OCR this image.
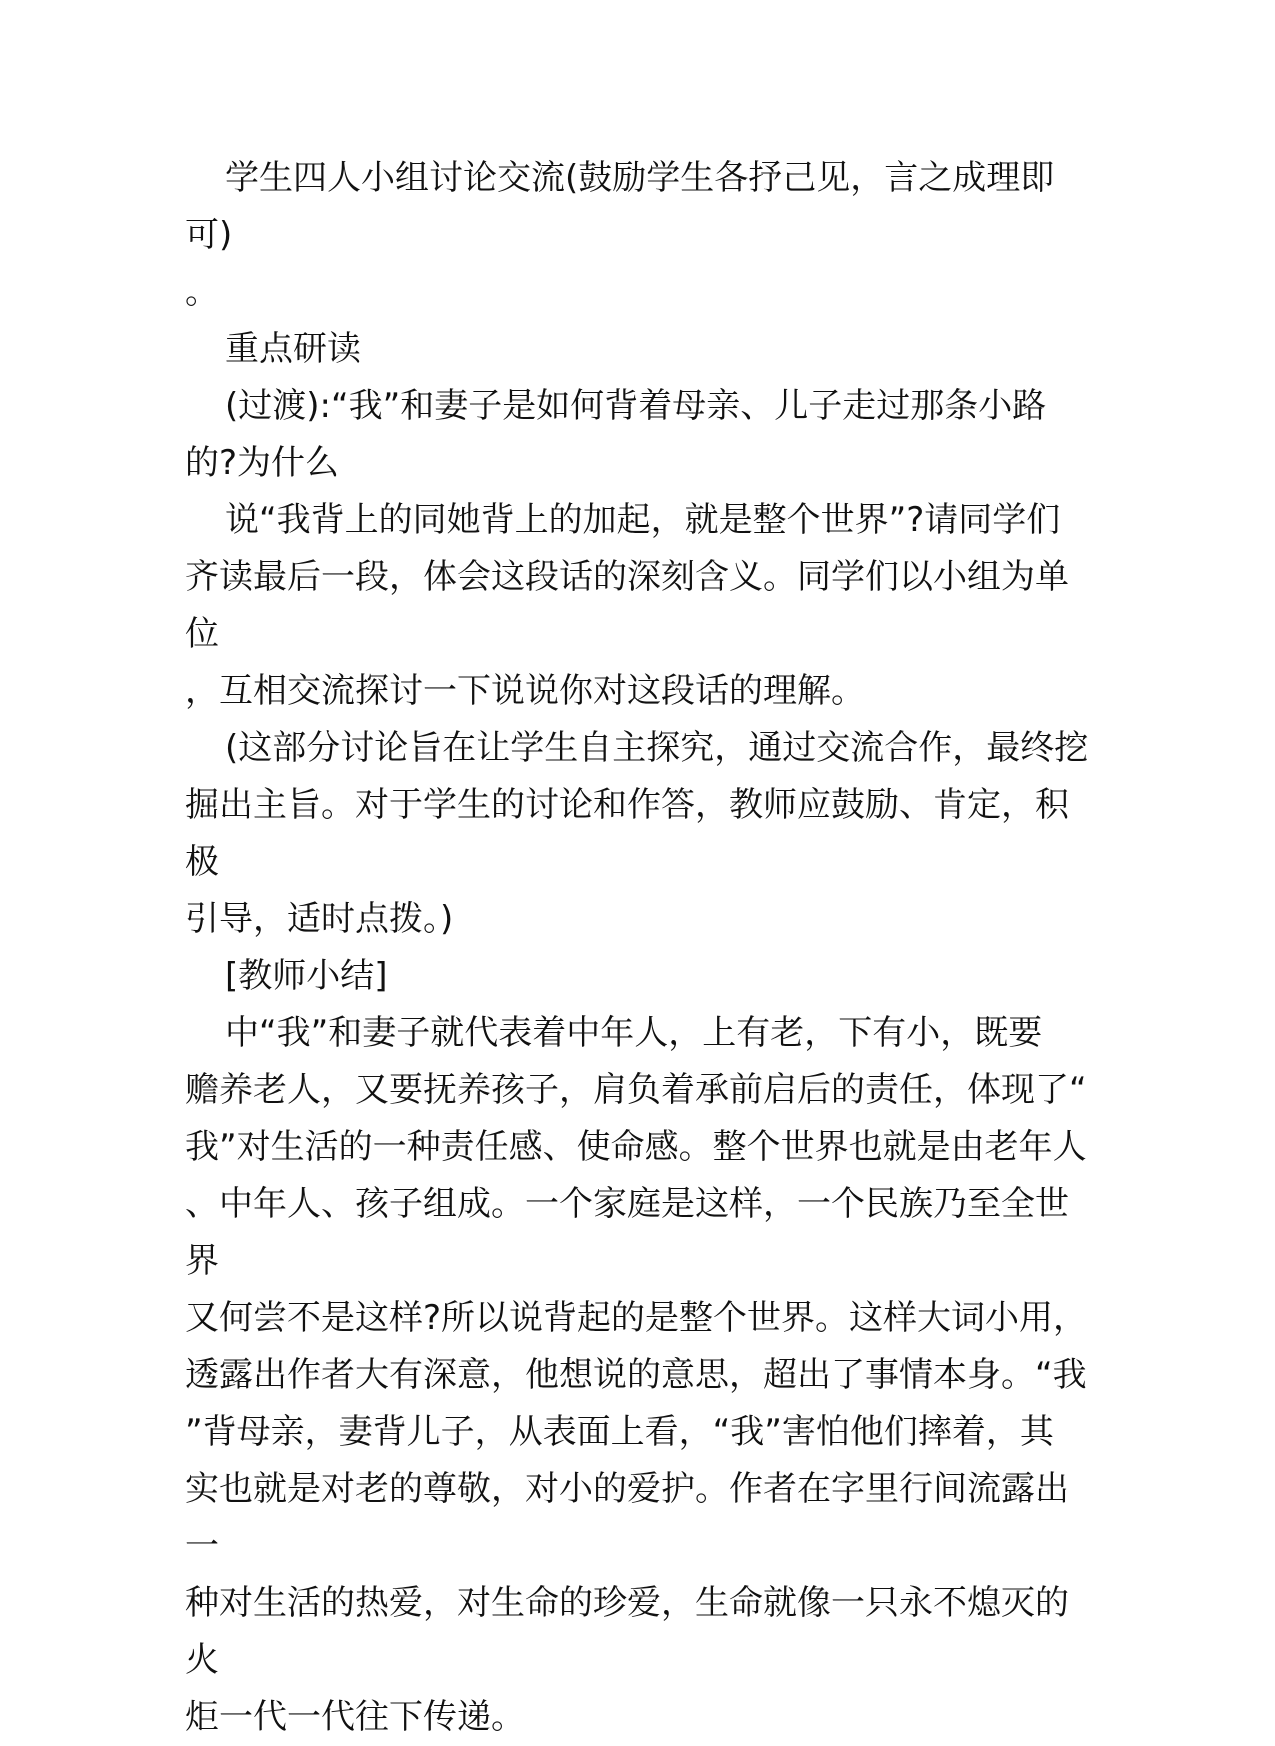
学生四人小组讨论交流(鼓励学生各抒己见，言之成理即可)
。

重点研读

(过渡):“我”和妻子是如何背着母亲、儿子走过那条小路
的?为什么

说“我背上的同她背上的加起，就是整个世界”?请同学们
齐读最后一段，体会这段话的深刻含义。同学们以小组为单位
，互相交流探讨一下说说你对这段话的理解。

(这部分讨论旨在让学生自主探究，通过交流合作，最终挖
掘出主旨。对于学生的讨论和作答，教师应鼓励、肯定，积极
引导，适时点拨。)

[教师小结]

中“我”和妻子就代表着中年人，上有老，下有小，既要
赡养老人，又要抚养孩子，肩负着承前启后的责任，体现了“
我”对生活的一种责任感、使命感。整个世界也就是由老年人
、中年人、孩子组成。一个家庭是这样，一个民族乃至全世界
又何尝不是这样?所以说背起的是整个世界。这样大词小用，
透露出作者大有深意，他想说的意思，超出了事情本身。“我
”背母亲，妻背儿子，从表面上看，“我”害怕他们摔着，其
实也就是对老的尊敬，对小的爱护。作者在字里行间流露出一
种对生活的热爱，对生命的珍爱，生命就像一只永不熄灭的火
炬一代一代往下传递。
